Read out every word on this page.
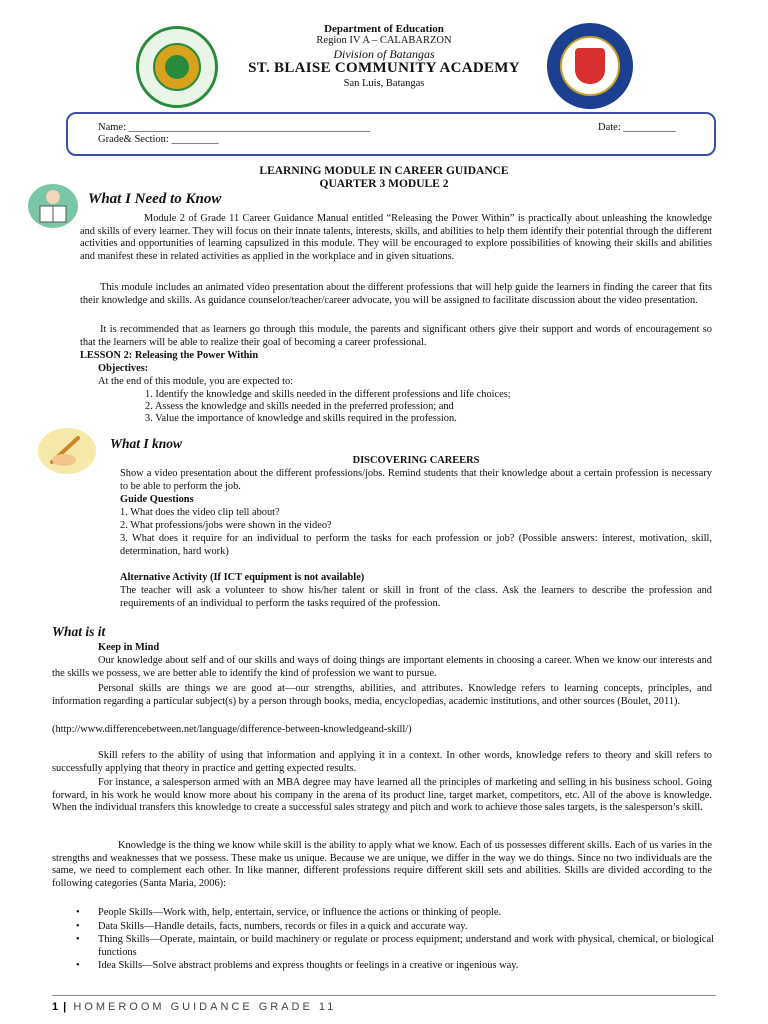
Department of Education
Region IV A – CALABARZON
Division of Batangas
ST. BLAISE COMMUNITY ACADEMY
San Luis, Batangas
Name: ______________________________________________	Date: __________
Grade& Section: _________
LEARNING MODULE IN CAREER GUIDANCE
QUARTER 3 MODULE 2
What I Need to Know
Module 2 of Grade 11 Career Guidance Manual entitled “Releasing the Power Within” is practically about unleashing the knowledge and skills of every learner. They will focus on their innate talents, interests, skills, and abilities to help them identify their potential through the different activities and opportunities of learning capsulized in this module. They will be encouraged to explore possibilities of knowing their skills and abilities and manifest these in related activities as applied in the workplace and in given situations.
This module includes an animated video presentation about the different professions that will help guide the learners in finding the career that fits their knowledge and skills. As guidance counselor/teacher/career advocate, you will be assigned to facilitate discussion about the video presentation.
It is recommended that as learners go through this module, the parents and significant others give their support and words of encouragement so that the learners will be able to realize their goal of becoming a career professional.
LESSON 2: Releasing the Power Within
Objectives:
At the end of this module, you are expected to:
1. Identify the knowledge and skills needed in the different professions and life choices;
2. Assess the knowledge and skills needed in the preferred profession; and
3. Value the importance of knowledge and skills required in the profession.
What I know
DISCOVERING CAREERS
Show a video presentation about the different professions/jobs. Remind students that their knowledge about a certain profession is necessary to be able to perform the job.
Guide Questions
1. What does the video clip tell about?
2. What professions/jobs were shown in the video?
3. What does it require for an individual to perform the tasks for each profession or job? (Possible answers: interest, motivation, skill, determination, hard work)
Alternative Activity (If ICT equipment is not available)
The teacher will ask a volunteer to show his/her talent or skill in front of the class. Ask the learners to describe the profession and requirements of an individual to perform the tasks required of the profession.
What is it
Keep in Mind
Our knowledge about self and of our skills and ways of doing things are important elements in choosing a career. When we know our interests and the skills we possess, we are better able to identify the kind of profession we want to pursue.
Personal skills are things we are good at—our strengths, abilities, and attributes. Knowledge refers to learning concepts, principles, and information regarding a particular subject(s) by a person through books, media, encyclopedias, academic institutions, and other sources (Boulet, 2011).
(http://www.differencebetween.net/language/difference-between-knowledgeand-skill/)
Skill refers to the ability of using that information and applying it in a context. In other words, knowledge refers to theory and skill refers to successfully applying that theory in practice and getting expected results.
For instance, a salesperson armed with an MBA degree may have learned all the principles of marketing and selling in his business school. Going forward, in his work he would know more about his company in the arena of its product line, target market, competitors, etc. All of the above is knowledge. When the individual transfers this knowledge to create a successful sales strategy and pitch and work to achieve those sales targets, is the salesperson’s skill.
Knowledge is the thing we know while skill is the ability to apply what we know. Each of us possesses different skills. Each of us varies in the strengths and weaknesses that we possess. These make us unique. Because we are unique, we differ in the way we do things. Since no two individuals are the same, we need to complement each other. In like manner, different professions require different skill sets and abilities. Skills are divided according to the following categories (Santa Maria, 2006):
• People Skills—Work with, help, entertain, service, or influence the actions or thinking of people.
• Data Skills—Handle details, facts, numbers, records or files in a quick and accurate way.
• Thing Skills—Operate, maintain, or build machinery or regulate or process equipment; understand and work with physical, chemical, or biological functions
• Idea Skills—Solve abstract problems and express thoughts or feelings in a creative or ingenious way.
1 | HOMEROOM GUIDANCE GRADE 11
